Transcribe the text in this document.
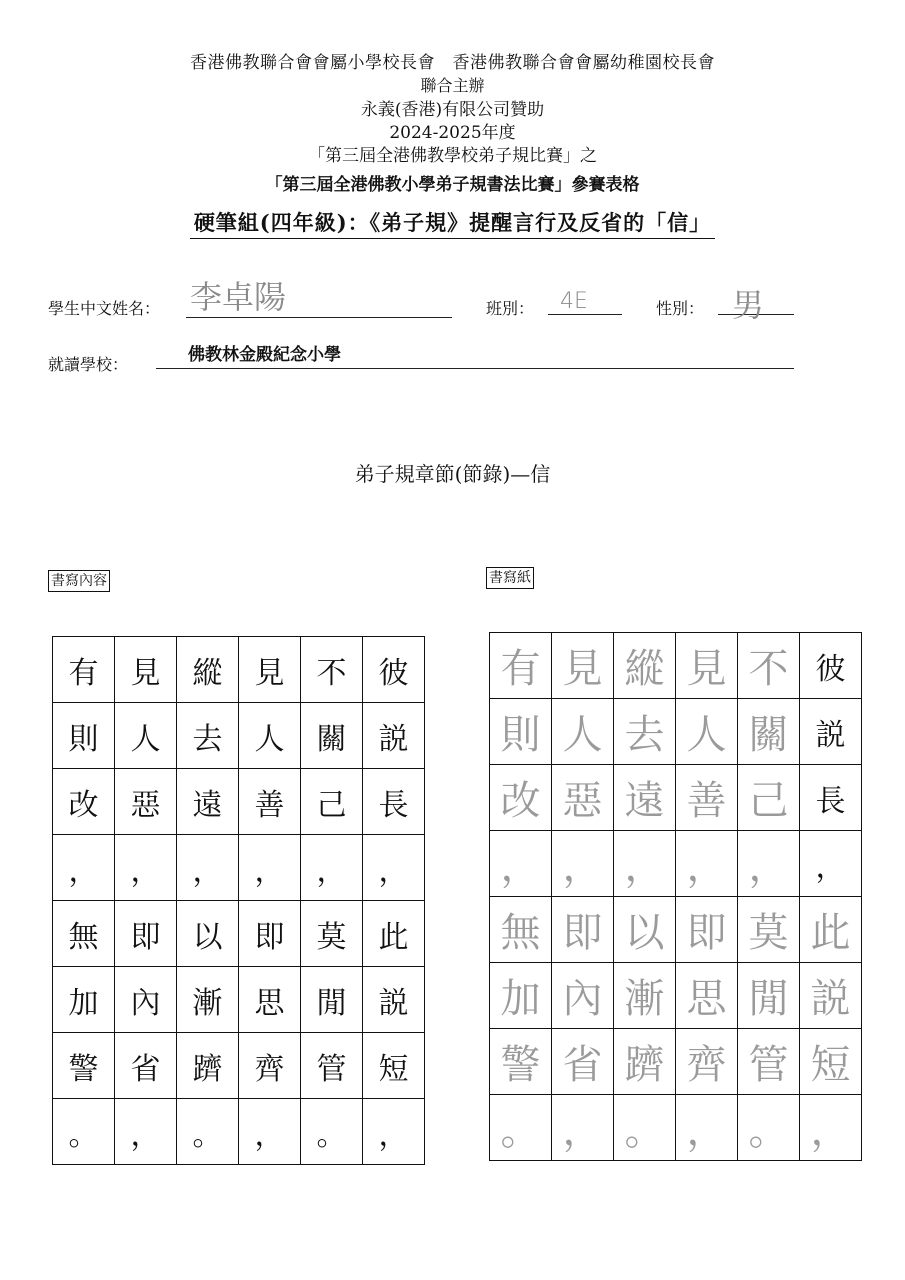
香港佛教聯合會會屬小學校長會　香港佛教聯合會會屬幼稚園校長會
聯合主辦
永義(香港)有限公司贊助
2024-2025年度
「第三屆全港佛教學校弟子規比賽」之
「第三屆全港佛教小學弟子規書法比賽」參賽表格
硬筆組(四年級)：《弟子規》提醒言行及反省的「信」
學生中文姓名： 李卓陽	班別： 4E	性別： 男
就讀學校：	佛教林金殿紀念小學
弟子規章節(節錄)—信
書寫內容	書寫紙
有	見	縱	見	不	彼
則	人	去	人	關	説
改	惡	遠	善	己	長
，	，	，	，	，	，
無	即	以	即	莫	此
加	內	漸	思	閒	説
警	省	躋	齊	管	短
。	，	。	，	。	，
有	見	縱	見	不	彼
則	人	去	人	關	説
改	惡	遠	善	己	長
，	，	，	，	，	，
無	即	以	即	莫	此
加	內	漸	思	閒	説
警	省	躋	齊	管	短
。	，	。	，	。	，
